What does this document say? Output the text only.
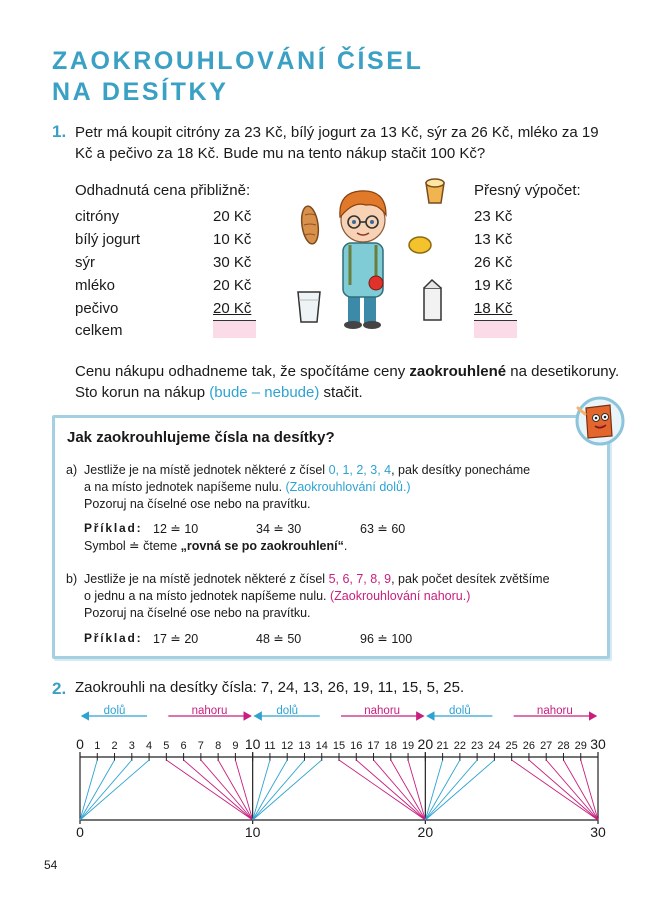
ZAOKROUHLOVÁNÍ ČÍSEL
NA DESÍTKY
1. Petr má koupit citróny za 23 Kč, bílý jogurt za 13 Kč, sýr za 26 Kč, mléko za 19 Kč a pečivo za 18 Kč. Bude mu na tento nákup stačit 100 Kč?
Odhadnutá cena přibližně:	Přesný výpočet:
citróny	20 Kč	23 Kč
bílý jogurt	10 Kč	13 Kč
sýr	30 Kč	26 Kč
mléko	20 Kč	19 Kč
pečivo	20 Kč	18 Kč
celkem
Cenu nákupu odhadneme tak, že spočítáme ceny zaokrouhlené na desetikoruny. Sto korun na nákup (bude – nebude) stačit.
Jak zaokrouhlujeme čísla na desítky?
a) Jestliže je na místě jednotek některé z čísel 0, 1, 2, 3, 4, pak desítky ponecháme
a na místo jednotek napíšeme nulu. (Zaokrouhlování dolů.)
Pozoruj na číselné ose nebo na pravítku.
Příklad: 12 ≐ 10	34 ≐ 30	63 ≐ 60
Symbol ≐ čteme „rovná se po zaokrouhlení“.
b) Jestliže je na místě jednotek některé z čísel 5, 6, 7, 8, 9, pak počet desítek zvětšíme
o jednu a na místo jednotek napíšeme nulu. (Zaokrouhlování nahoru.)
Pozoruj na číselné ose nebo na pravítku.
Příklad: 17 ≐ 20	48 ≐ 50	96 ≐ 100
2. Zaokrouhli na desítky čísla: 7, 24, 13, 26, 19, 11, 15, 5, 25.
dolů	nahoru	dolů	nahoru	dolů	nahoru
0 1 2 3 4 5 6 7 8 9 10 11 12 13 14 15 16 17 18 19 20 21 22 23 24 25 26 27 28 29 30
0	10	20	30
54
